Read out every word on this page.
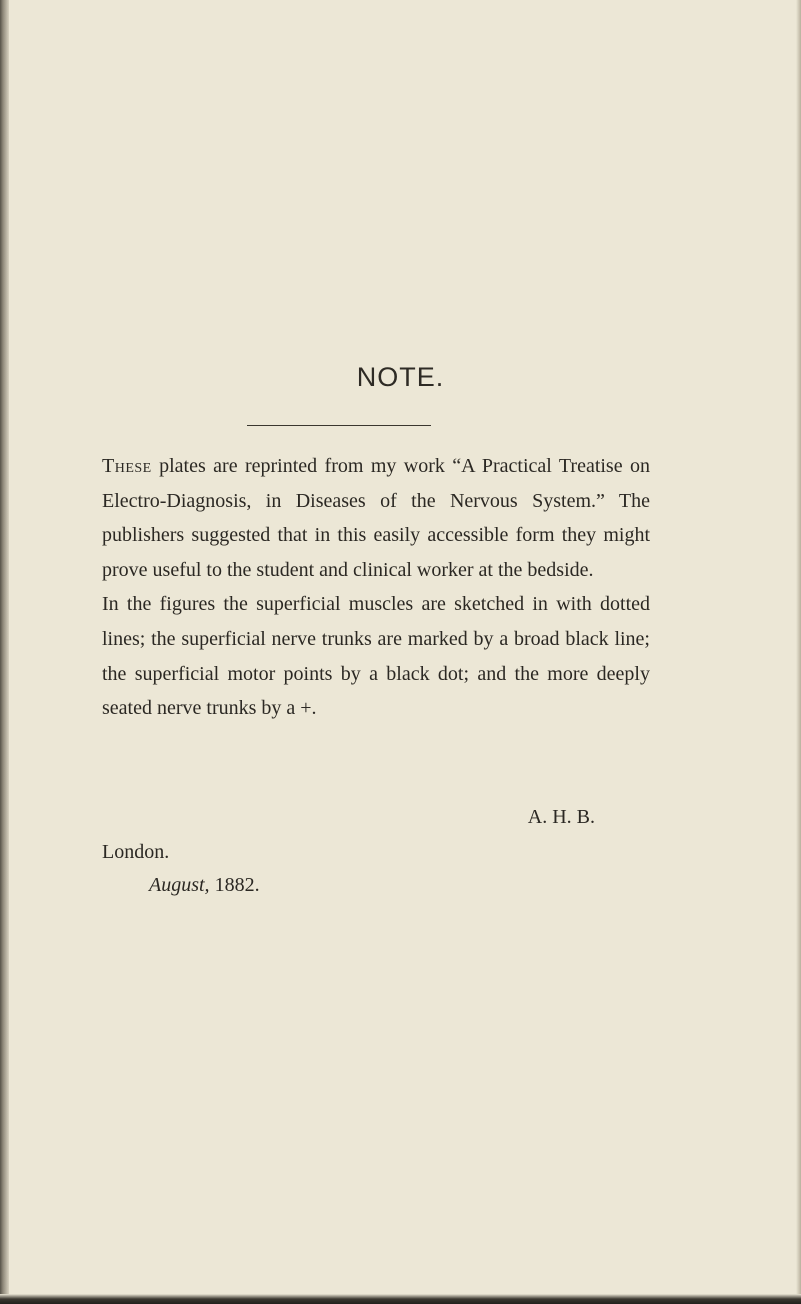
NOTE.

These plates are reprinted from my work “A Practical Treatise on Electro-Diagnosis, in Diseases of the Nervous System.” The publishers suggested that in this easily accessible form they might prove useful to the student and clinical worker at the bedside.

In the figures the superficial muscles are sketched in with dotted lines; the superficial nerve trunks are marked by a broad black line; the superficial motor points by a black dot; and the more deeply seated nerve trunks by a +.

A. H. B.
London.
August, 1882.
